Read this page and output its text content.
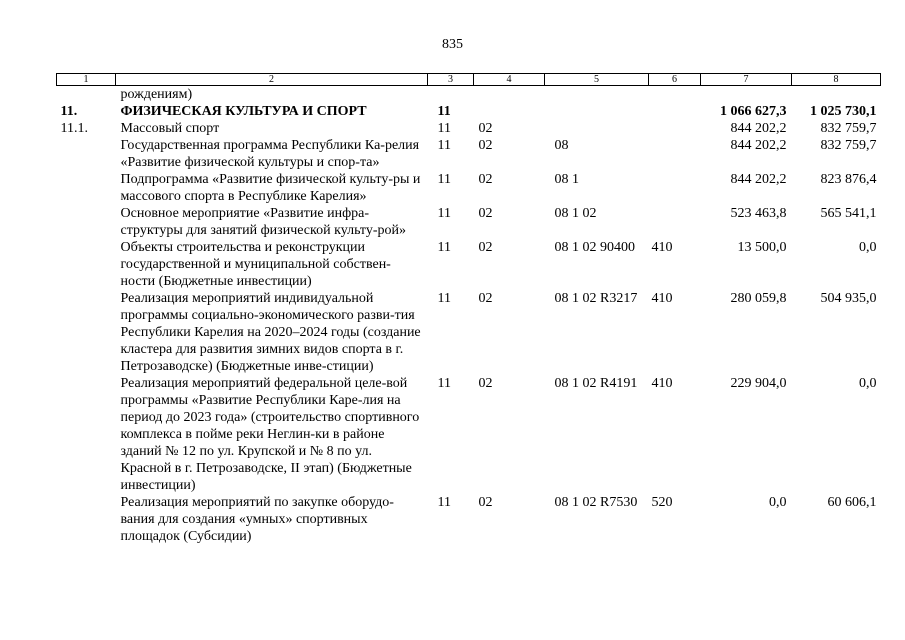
835
1	2	3	4	5	6	7	8
	рождениям)						
11.	ФИЗИЧЕСКАЯ КУЛЬТУРА И СПОРТ	11				1 066 627,3	1 025 730,1
11.1.	Массовый спорт	11	02			844 202,2	832 759,7
	Государственная программа Республики Ка-релия «Развитие физической культуры и спор-та»	11	02	08		844 202,2	832 759,7
	Подпрограмма «Развитие физической культу-ры и массового спорта в Республике Карелия»	11	02	08 1		844 202,2	823 876,4
	Основное мероприятие «Развитие инфра-структуры для занятий физической культу-рой»	11	02	08 1 02		523 463,8	565 541,1
	Объекты строительства и реконструкции государственной и муниципальной собствен-ности (Бюджетные инвестиции)	11	02	08 1 02 90400	410	13 500,0	0,0
	Реализация мероприятий индивидуальной программы социально-экономического разви-тия Республики Карелия на 2020–2024 годы (создание кластера для развития зимних видов спорта в г. Петрозаводске) (Бюджетные инве-стиции)	11	02	08 1 02 R3217	410	280 059,8	504 935,0
	Реализация мероприятий федеральной целе-вой программы «Развитие Республики Каре-лия на период до 2023 года» (строительство спортивного комплекса в пойме реки Неглин-ки в районе зданий № 12 по ул. Крупской и № 8 по ул. Красной в г. Петрозаводске, II этап) (Бюджетные инвестиции)	11	02	08 1 02 R4191	410	229 904,0	0,0
	Реализация мероприятий по закупке оборудо-вания для создания «умных» спортивных площадок (Субсидии)	11	02	08 1 02 R7530	520	0,0	60 606,1
